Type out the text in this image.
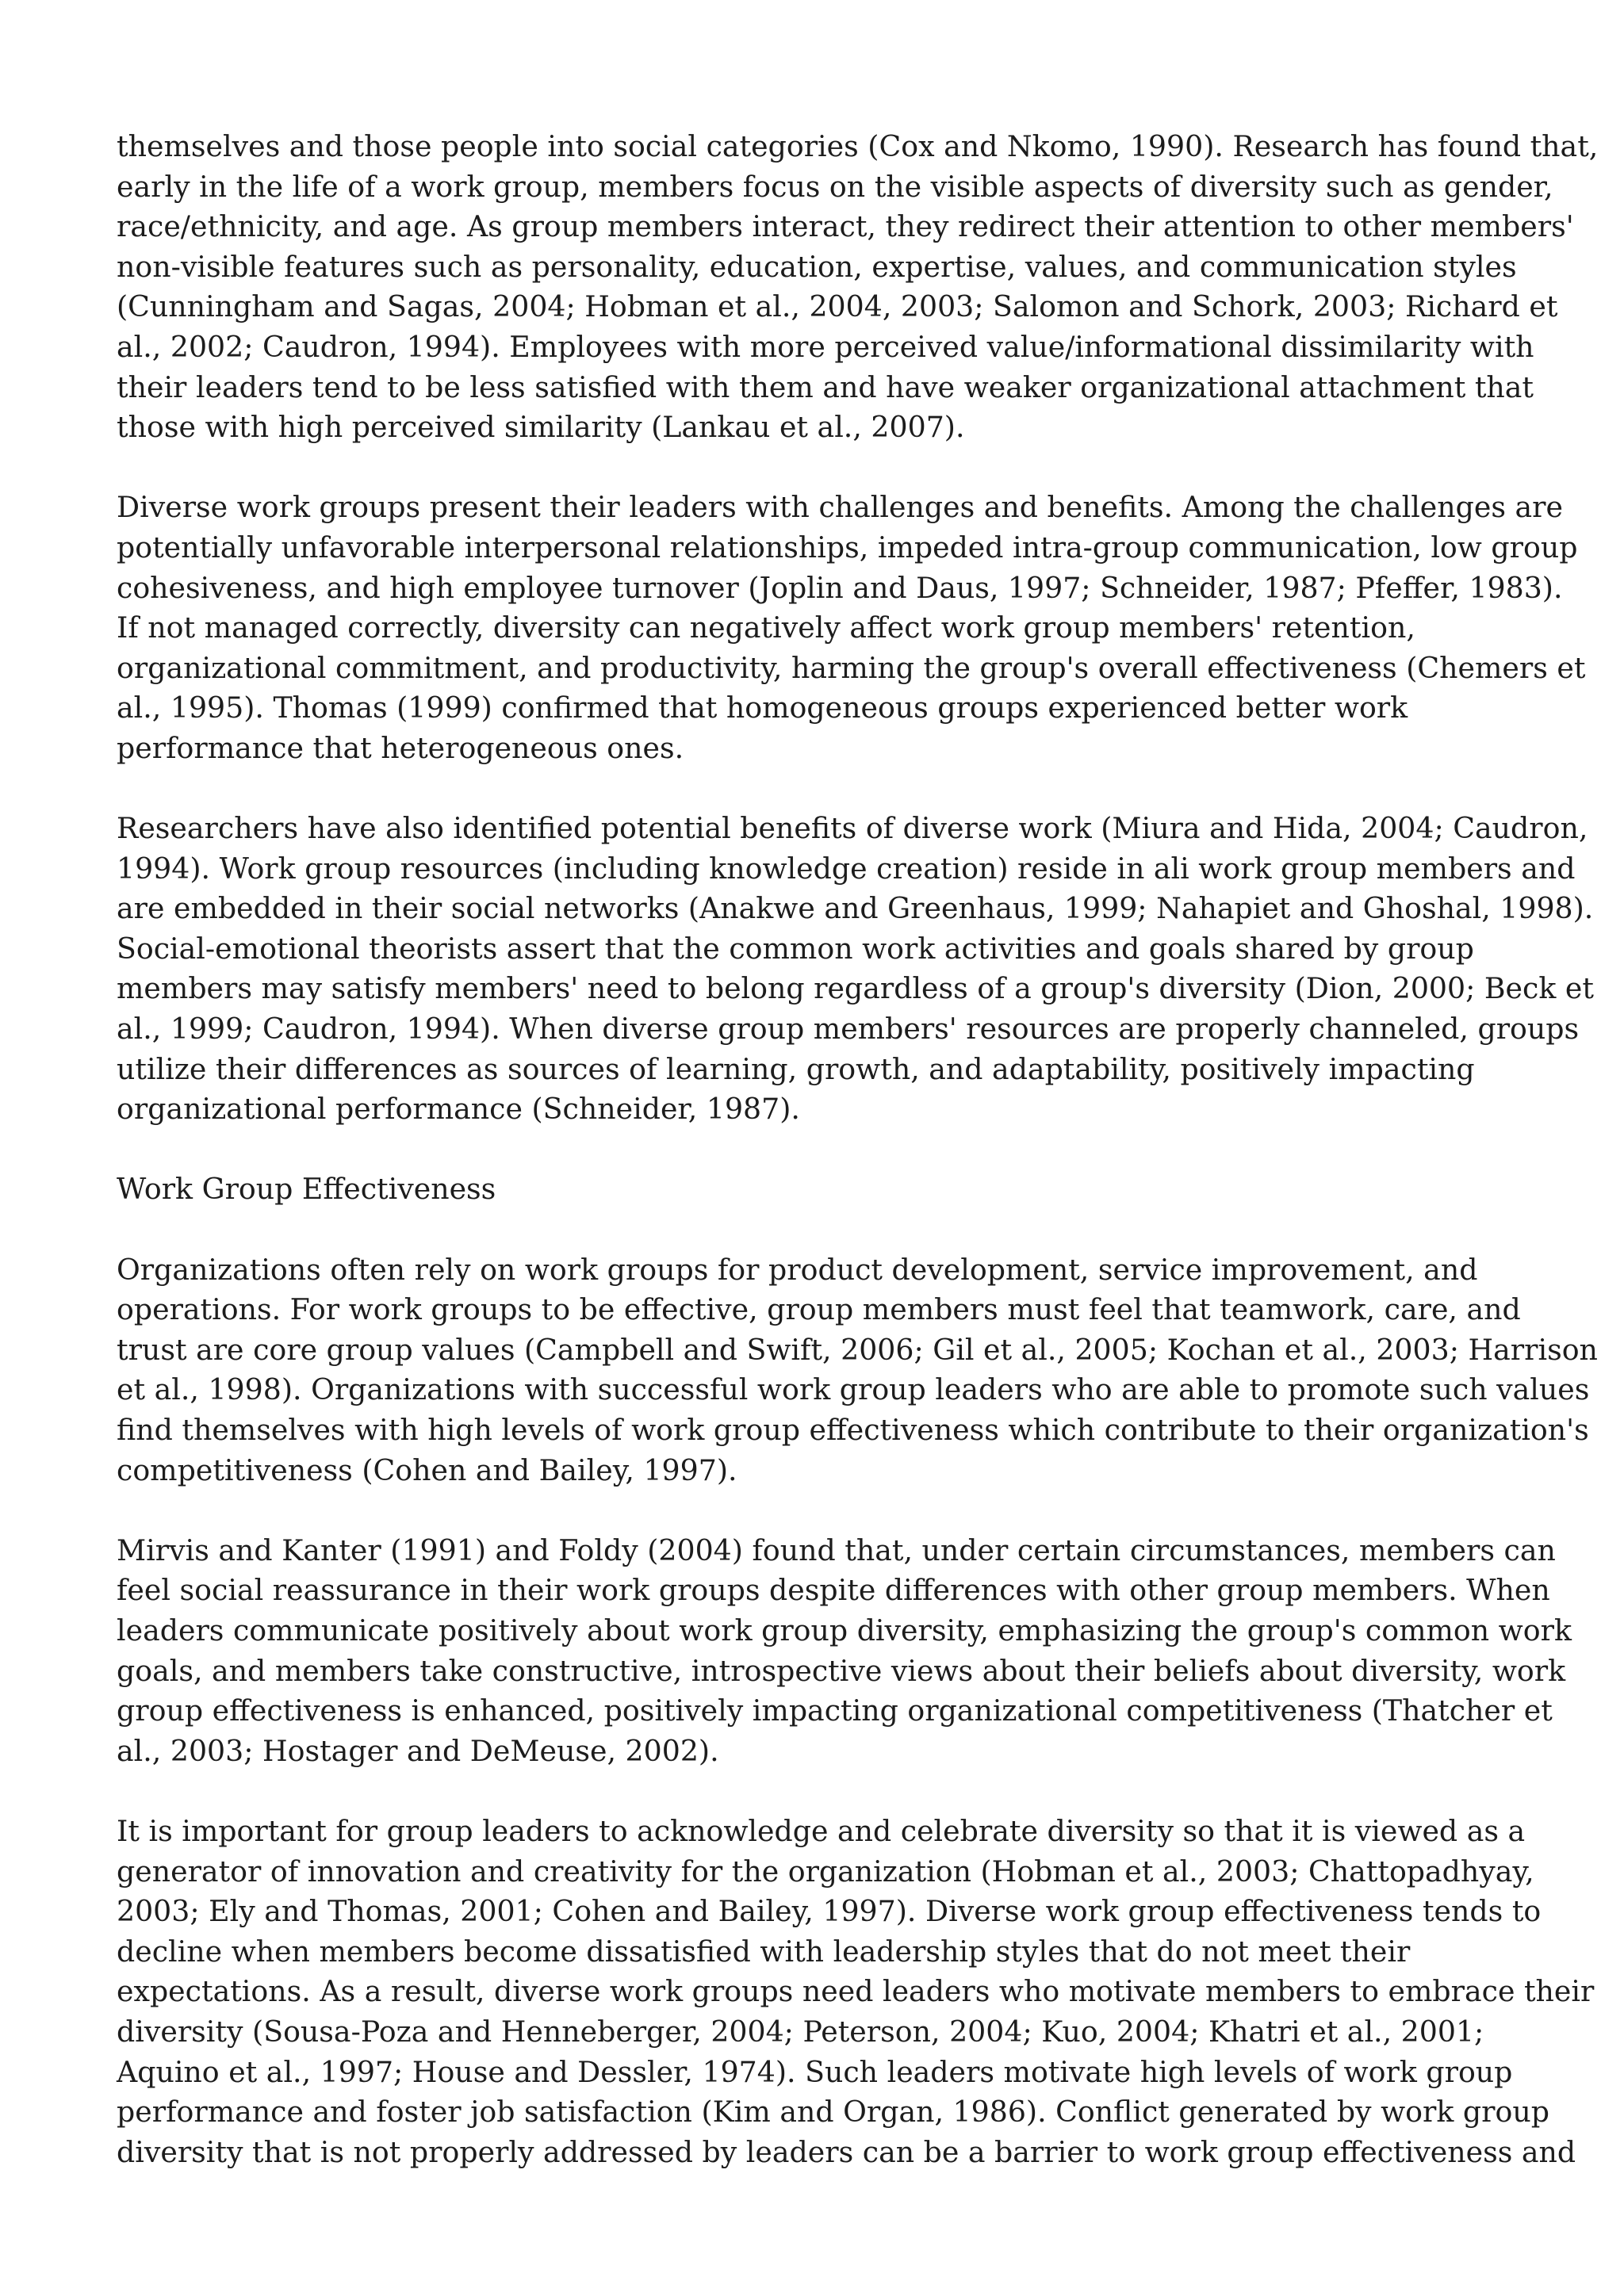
themselves and those people into social categories (Cox and Nkomo, 1990). Research has found that,
early in the life of a work group, members focus on the visible aspects of diversity such as gender,
race/ethnicity, and age. As group members interact, they redirect their attention to other members'
non-visible features such as personality, education, expertise, values, and communication styles
(Cunningham and Sagas, 2004; Hobman et al., 2004, 2003; Salomon and Schork, 2003; Richard et
al., 2002; Caudron, 1994). Employees with more perceived value/informational dissimilarity with
their leaders tend to be less satisfied with them and have weaker organizational attachment that
those with high perceived similarity (Lankau et al., 2007).

Diverse work groups present their leaders with challenges and benefits. Among the challenges are
potentially unfavorable interpersonal relationships, impeded intra-group communication, low group
cohesiveness, and high employee turnover (Joplin and Daus, 1997; Schneider, 1987; Pfeffer, 1983).
If not managed correctly, diversity can negatively affect work group members' retention,
organizational commitment, and productivity, harming the group's overall effectiveness (Chemers et
al., 1995). Thomas (1999) confirmed that homogeneous groups experienced better work
performance that heterogeneous ones.

Researchers have also identified potential benefits of diverse work (Miura and Hida, 2004; Caudron,
1994). Work group resources (including knowledge creation) reside in ali work group members and
are embedded in their social networks (Anakwe and Greenhaus, 1999; Nahapiet and Ghoshal, 1998).
Social-emotional theorists assert that the common work activities and goals shared by group
members may satisfy members' need to belong regardless of a group's diversity (Dion, 2000; Beck et
al., 1999; Caudron, 1994). When diverse group members' resources are properly channeled, groups
utilize their differences as sources of learning, growth, and adaptability, positively impacting
organizational performance (Schneider, 1987).

Work Group Effectiveness

Organizations often rely on work groups for product development, service improvement, and
operations. For work groups to be effective, group members must feel that teamwork, care, and
trust are core group values (Campbell and Swift, 2006; Gil et al., 2005; Kochan et al., 2003; Harrison
et al., 1998). Organizations with successful work group leaders who are able to promote such values
find themselves with high levels of work group effectiveness which contribute to their organization's
competitiveness (Cohen and Bailey, 1997).

Mirvis and Kanter (1991) and Foldy (2004) found that, under certain circumstances, members can
feel social reassurance in their work groups despite differences with other group members. When
leaders communicate positively about work group diversity, emphasizing the group's common work
goals, and members take constructive, introspective views about their beliefs about diversity, work
group effectiveness is enhanced, positively impacting organizational competitiveness (Thatcher et
al., 2003; Hostager and DeMeuse, 2002).

It is important for group leaders to acknowledge and celebrate diversity so that it is viewed as a
generator of innovation and creativity for the organization (Hobman et al., 2003; Chattopadhyay,
2003; Ely and Thomas, 2001; Cohen and Bailey, 1997). Diverse work group effectiveness tends to
decline when members become dissatisfied with leadership styles that do not meet their
expectations. As a result, diverse work groups need leaders who motivate members to embrace their
diversity (Sousa-Poza and Henneberger, 2004; Peterson, 2004; Kuo, 2004; Khatri et al., 2001;
Aquino et al., 1997; House and Dessler, 1974). Such leaders motivate high levels of work group
performance and foster job satisfaction (Kim and Organ, 1986). Conflict generated by work group
diversity that is not properly addressed by leaders can be a barrier to work group effectiveness and
